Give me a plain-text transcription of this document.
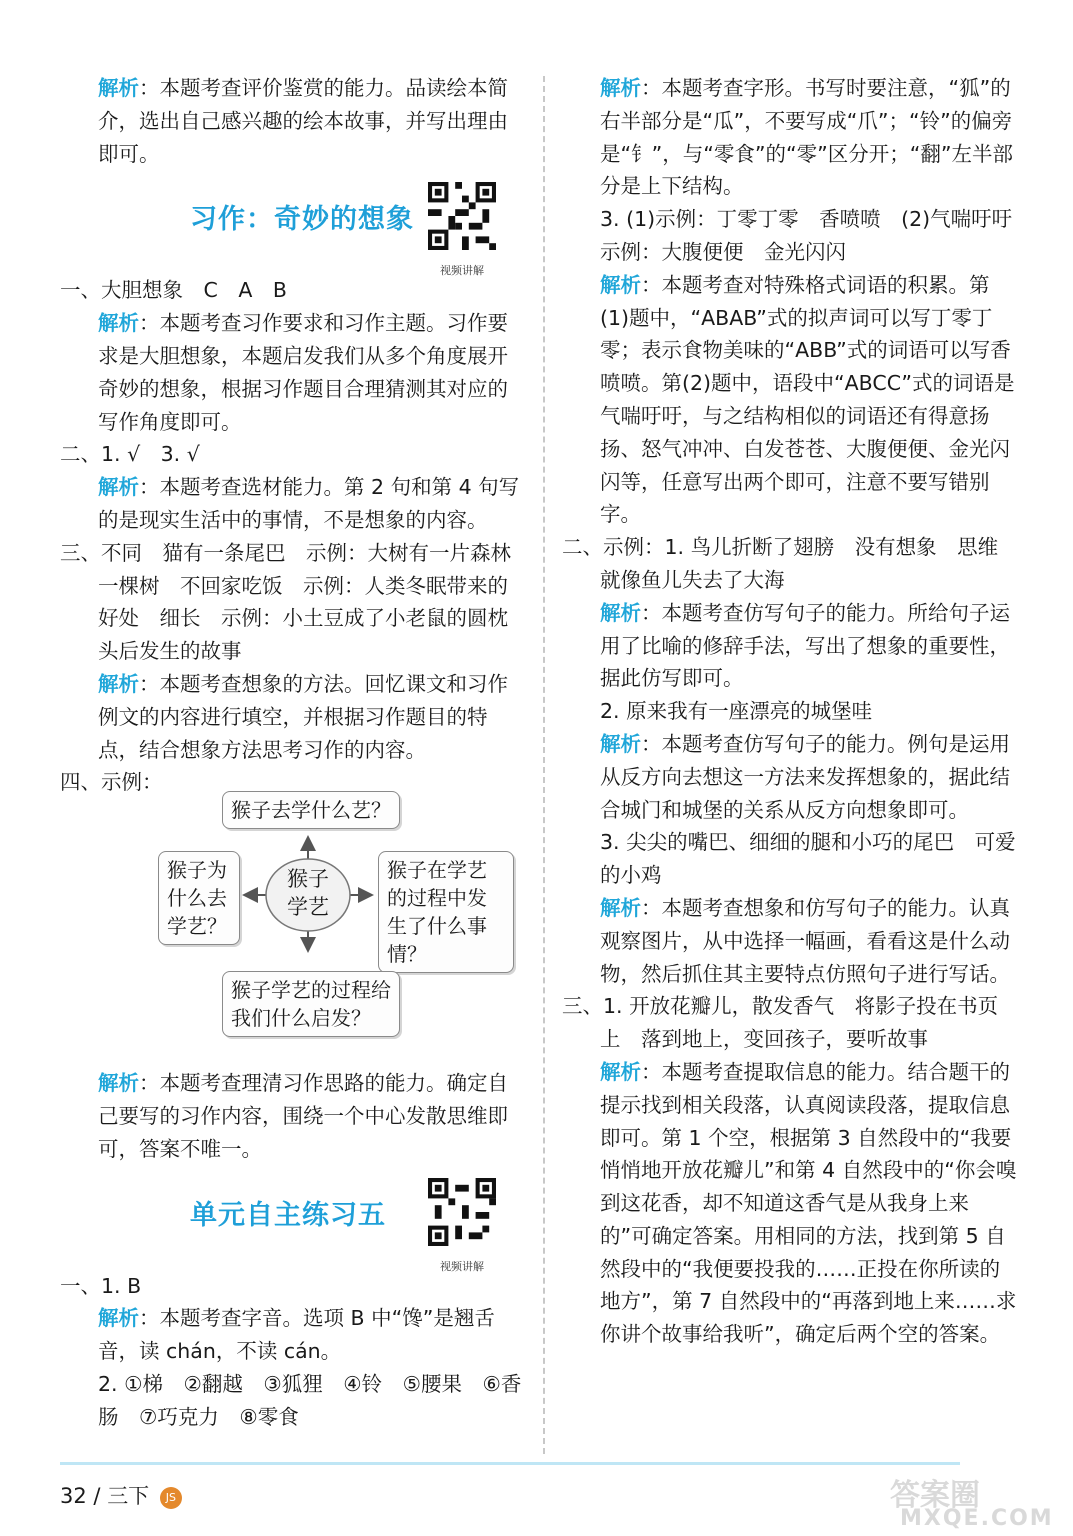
解析：本题考查评价鉴赏的能力。品读绘本简介，选出自己感兴趣的绘本故事，并写出理由即可。

习作：奇妙的想象
视频讲解

一、大胆想象　C　A　B

解析：本题考查习作要求和习作主题。习作要求是大胆想象，本题启发我们从多个角度展开奇妙的想象，根据习作题目合理猜测其对应的写作角度即可。

二、1. √　3. √

解析：本题考查选材能力。第 2 句和第 4 句写的是现实生活中的事情，不是想象的内容。

三、不同　猫有一条尾巴　示例：大树有一片森林　一棵树　不回家吃饭　示例：人类冬眠带来的好处　细长　示例：小土豆成了小老鼠的圆枕头后发生的故事

解析：本题考查想象的方法。回忆课文和习作例文的内容进行填空，并根据习作题目的特点，结合想象方法思考习作的内容。

四、示例：

猴子学艺
猴子去学什么艺？
猴子为什么去学艺？
猴子在学艺的过程中发生了什么事情？
猴子学艺的过程给我们什么启发？

解析：本题考查理清习作思路的能力。确定自己要写的习作内容，围绕一个中心发散思维即可，答案不唯一。

单元自主练习五
视频讲解

一、1. B

解析：本题考查字音。选项 B 中“馋”是翘舌音，读 chán，不读 cán。

2. ①梯　②翻越　③狐狸　④铃　⑤腰果　⑥香肠　⑦巧克力　⑧零食

解析：本题考查字形。书写时要注意，“狐”的右半部分是“瓜”，不要写成“爪”；“铃”的偏旁是“钅”，与“零食”的“零”区分开；“翻”左半部分是上下结构。

3. (1)示例：丁零丁零　香喷喷　(2)气喘吁吁　示例：大腹便便　金光闪闪

解析：本题考查对特殊格式词语的积累。第(1)题中，“ABAB”式的拟声词可以写丁零丁零；表示食物美味的“ABB”式的词语可以写香喷喷。第(2)题中，语段中“ABCC”式的词语是气喘吁吁，与之结构相似的词语还有得意扬扬、怒气冲冲、白发苍苍、大腹便便、金光闪闪等，任意写出两个即可，注意不要写错别字。

二、示例：1. 鸟儿折断了翅膀　没有想象　思维就像鱼儿失去了大海

解析：本题考查仿写句子的能力。所给句子运用了比喻的修辞手法，写出了想象的重要性，据此仿写即可。

2. 原来我有一座漂亮的城堡哇

解析：本题考查仿写句子的能力。例句是运用从反方向去想这一方法来发挥想象的，据此结合城门和城堡的关系从反方向想象即可。

3. 尖尖的嘴巴、细细的腿和小巧的尾巴　可爱的小鸡

解析：本题考查想象和仿写句子的能力。认真观察图片，从中选择一幅画，看看这是什么动物，然后抓住其主要特点仿照句子进行写话。

三、1. 开放花瓣儿，散发香气　将影子投在书页上　落到地上，变回孩子，要听故事

解析：本题考查提取信息的能力。结合题干的提示找到相关段落，认真阅读段落，提取信息即可。第 1 个空，根据第 3 自然段中的“我要悄悄地开放花瓣儿”和第 4 自然段中的“你会嗅到这花香，却不知道这香气是从我身上来的”可确定答案。用相同的方法，找到第 5 自然段中的“我便要投我的……正投在你所读的地方”，第 7 自然段中的“再落到地上来……求你讲个故事给我听”，确定后两个空的答案。

32 / 三下 JS	答案圈
MXQE.COM
